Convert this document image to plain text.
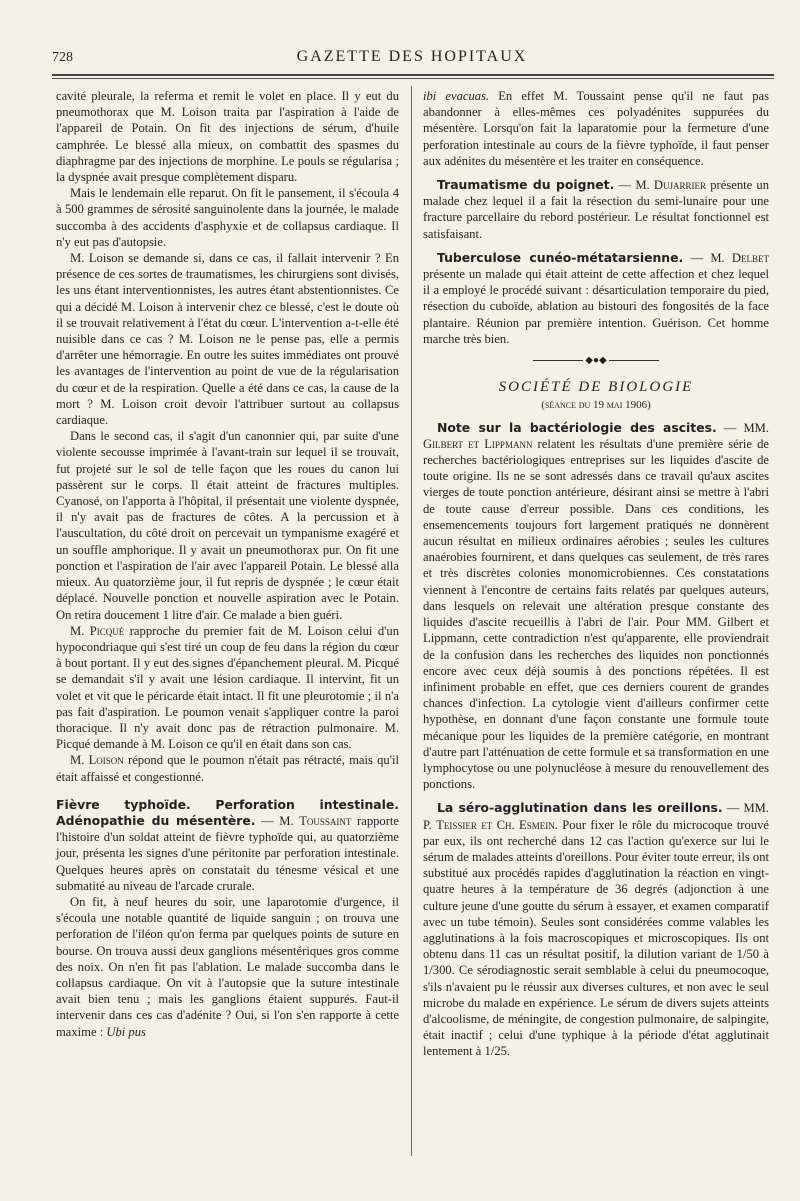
728	GAZETTE DES HOPITAUX

cavité pleurale, la referma et remit le volet en place. Il y eut du pneumothorax que M. Loison traita par l'aspiration à l'aide de l'appareil de Potain. On fit des injections de sérum, d'huile camphrée. Le blessé alla mieux, on combattit des spasmes du diaphragme par des injections de morphine. Le pouls se régularisa ; la dyspnée avait presque complètement disparu.

Mais le lendemain elle reparut. On fit le pansement, il s'écoula 4 à 500 grammes de sérosité sanguinolente dans la journée, le malade succomba à des accidents d'asphyxie et de collapsus cardiaque. Il n'y eut pas d'autopsie.

M. Loison se demande si, dans ce cas, il fallait intervenir ? En présence de ces sortes de traumatismes, les chirurgiens sont divisés, les uns étant interventionnistes, les autres étant abstentionnistes. Ce qui a décidé M. Loison à intervenir chez ce blessé, c'est le doute où il se trouvait relativement à l'état du cœur. L'intervention a-t-elle été nuisible dans ce cas ? M. Loison ne le pense pas, elle a permis d'arrêter une hémorragie. En outre les suites immédiates ont prouvé les avantages de l'intervention au point de vue de la régularisation du cœur et de la respiration. Quelle a été dans ce cas, la cause de la mort ? M. Loison croit devoir l'attribuer surtout au collapsus cardiaque.

Dans le second cas, il s'agit d'un canonnier qui, par suite d'une violente secousse imprimée à l'avant-train sur lequel il se trouvait, fut projeté sur le sol de telle façon que les roues du canon lui passèrent sur le corps. Il était atteint de fractures multiples. Cyanosé, on l'apporta à l'hôpital, il présentait une violente dyspnée, il n'y avait pas de fractures de côtes. A la percussion et à l'auscultation, du côté droit on percevait un tympanisme exagéré et un souffle amphorique. Il y avait un pneumothorax pur. On fit une ponction et l'aspiration de l'air avec l'appareil Potain. Le blessé alla mieux. Au quatorzième jour, il fut repris de dyspnée ; le cœur était déplacé. Nouvelle ponction et nouvelle aspiration avec le Potain. On retira doucement 1 litre d'air. Ce malade a bien guéri.

M. Picqué rapproche du premier fait de M. Loison celui d'un hypocondriaque qui s'est tiré un coup de feu dans la région du cœur à bout portant. Il y eut des signes d'épanchement pleural. M. Picqué se demandait s'il y avait une lésion cardiaque. Il intervint, fit un volet et vit que le péricarde était intact. Il fit une pleurotomie ; il n'a pas fait d'aspiration. Le poumon venait s'appliquer contre la paroi thoracique. Il n'y avait donc pas de rétraction pulmonaire. M. Picqué demande à M. Loison ce qu'il en était dans son cas.

M. Loison répond que le poumon n'était pas rétracté, mais qu'il était affaissé et congestionné.

Fièvre typhoïde. Perforation intestinale. Adénopathie du mésentère. — M. Toussaint rapporte l'histoire d'un soldat atteint de fièvre typhoïde qui, au quatorzième jour, présenta les signes d'une péritonite par perforation intestinale. Quelques heures après on constatait du ténesme vésical et une submatité au niveau de l'arcade crurale.

On fit, à neuf heures du soir, une laparotomie d'urgence, il s'écoula une notable quantité de liquide sanguin ; on trouva une perforation de l'iléon qu'on ferma par quelques points de suture en bourse. On trouva aussi deux ganglions mésentériques gros comme des noix. On n'en fit pas l'ablation. Le malade succomba dans le collapsus cardiaque. On vit à l'autopsie que la suture intestinale avait bien tenu ; mais les ganglions étaient suppurés. Faut-il intervenir dans ces cas d'adénite ? Oui, si l'on s'en rapporte à cette maxime : Ubi pus

ibi evacuas. En effet M. Toussaint pense qu'il ne faut pas abandonner à elles-mêmes ces polyadénites suppurées du mésentère. Lorsqu'on fait la laparatomie pour la fermeture d'une perforation intestinale au cours de la fièvre typhoïde, il faut penser aux adénites du mésentère et les traiter en conséquence.

Traumatisme du poignet. — M. Dujarrier présente un malade chez lequel il a fait la résection du semi-lunaire pour une fracture parcellaire du rebord postérieur. Le résultat fonctionnel est satisfaisant.

Tuberculose cunéo-métatarsienne. — M. Delbet présente un malade qui était atteint de cette affection et chez lequel il a employé le procédé suivant : désarticulation temporaire du pied, résection du cuboïde, ablation au bistouri des fongosités de la face plantaire. Réunion par première intention. Guérison. Cet homme marche très bien.

◆●◆
SOCIÉTÉ DE BIOLOGIE
(séance du 19 mai 1906)

Note sur la bactériologie des ascites. — MM. Gilbert et Lippmann relatent les résultats d'une première série de recherches bactériologiques entreprises sur les liquides d'ascite de toute origine. Ils ne se sont adressés dans ce travail qu'aux ascites vierges de toute ponction antérieure, désirant ainsi se mettre à l'abri de toute cause d'erreur possible. Dans ces conditions, les ensemencements toujours fort largement pratiqués ne donnèrent aucun résultat en milieux ordinaires aérobies ; seules les cultures anaérobies fournirent, et dans quelques cas seulement, de très rares et très discrètes colonies monomicrobiennes. Ces constatations viennent à l'encontre de certains faits relatés par quelques auteurs, dans lesquels on relevait une altération presque constante des liquides d'ascite recueillis à l'abri de l'air. Pour MM. Gilbert et Lippmann, cette contradiction n'est qu'apparente, elle proviendrait de la confusion dans les recherches des liquides non ponctionnés encore avec ceux déjà soumis à des ponctions répétées. Il est infiniment probable en effet, que ces derniers courent de grandes chances d'infection. La cytologie vient d'ailleurs confirmer cette hypothèse, en donnant d'une façon constante une formule toute mécanique pour les liquides de la première catégorie, en montrant d'autre part l'atténuation de cette formule et sa transformation en une lymphocytose ou une polynucléose à mesure du renouvellement des ponctions.

La séro-agglutination dans les oreillons. — MM. P. Teissier et Ch. Esmein. Pour fixer le rôle du microcoque trouvé par eux, ils ont recherché dans 12 cas l'action qu'exerce sur lui le sérum de malades atteints d'oreillons. Pour éviter toute erreur, ils ont substitué aux procédés rapides d'agglutination la réaction en vingt-quatre heures à la température de 36 degrés (adjonction à une culture jeune d'une goutte du sérum à essayer, et examen comparatif avec un tube témoin). Seules sont considérées comme valables les agglutinations à la fois macroscopiques et microscopiques. Ils ont obtenu dans 11 cas un résultat positif, la dilution variant de 1/50 à 1/300. Ce sérodiagnostic serait semblable à celui du pneumocoque, s'ils n'avaient pu le réussir aux diverses cultures, et non avec le seul microbe du malade en expérience. Le sérum de divers sujets atteints d'alcoolisme, de méningite, de congestion pulmonaire, de salpingite, était inactif ; celui d'une typhique à la période d'état agglutinait lentement à 1/25.
